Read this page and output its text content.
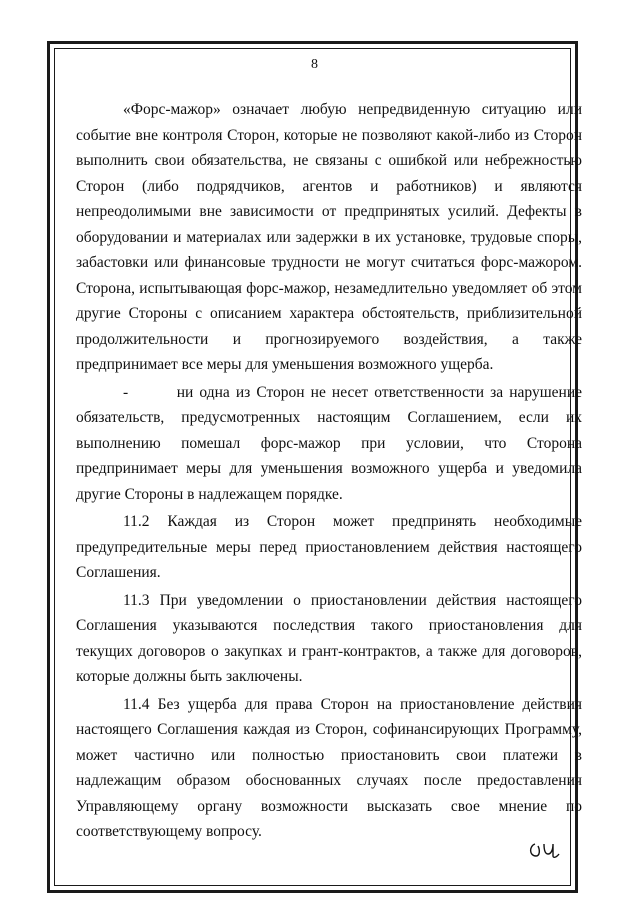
8

«Форс-мажор» означает любую непредвиденную ситуацию или событие вне контроля Сторон, которые не позволяют какой-либо из Сторон выполнить свои обязательства, не связаны с ошибкой или небрежностью Сторон (либо подрядчиков, агентов и работников) и являются непреодолимыми вне зависимости от предпринятых усилий. Дефекты в оборудовании и материалах или задержки в их установке, трудовые споры, забастовки или финансовые трудности не могут считаться форс-мажором. Сторона, испытывающая форс-мажор, незамедлительно уведомляет об этом другие Стороны с описанием характера обстоятельств, приблизительной продолжительности и прогнозируемого воздействия, а также предпринимает все меры для уменьшения возможного ущерба.

-        ни одна из Сторон не несет ответственности за нарушение обязательств, предусмотренных настоящим Соглашением, если их выполнению помешал форс-мажор при условии, что Сторона предпринимает меры для уменьшения возможного ущерба и уведомила другие Стороны в надлежащем порядке.

11.2 Каждая из Сторон может предпринять необходимые предупредительные меры перед приостановлением действия настоящего Соглашения.

11.3 При уведомлении о приостановлении действия настоящего Соглашения указываются последствия такого приостановления для текущих договоров о закупках и грант-контрактов, а также для договоров, которые должны быть заключены.

11.4 Без ущерба для права Сторон на приостановление действия настоящего Соглашения каждая из Сторон, софинансирующих Программу, может частично или полностью приостановить свои платежи в надлежащим образом обоснованных случаях после предоставления Управляющему органу возможности высказать свое мнение по соответствующему вопросу.
